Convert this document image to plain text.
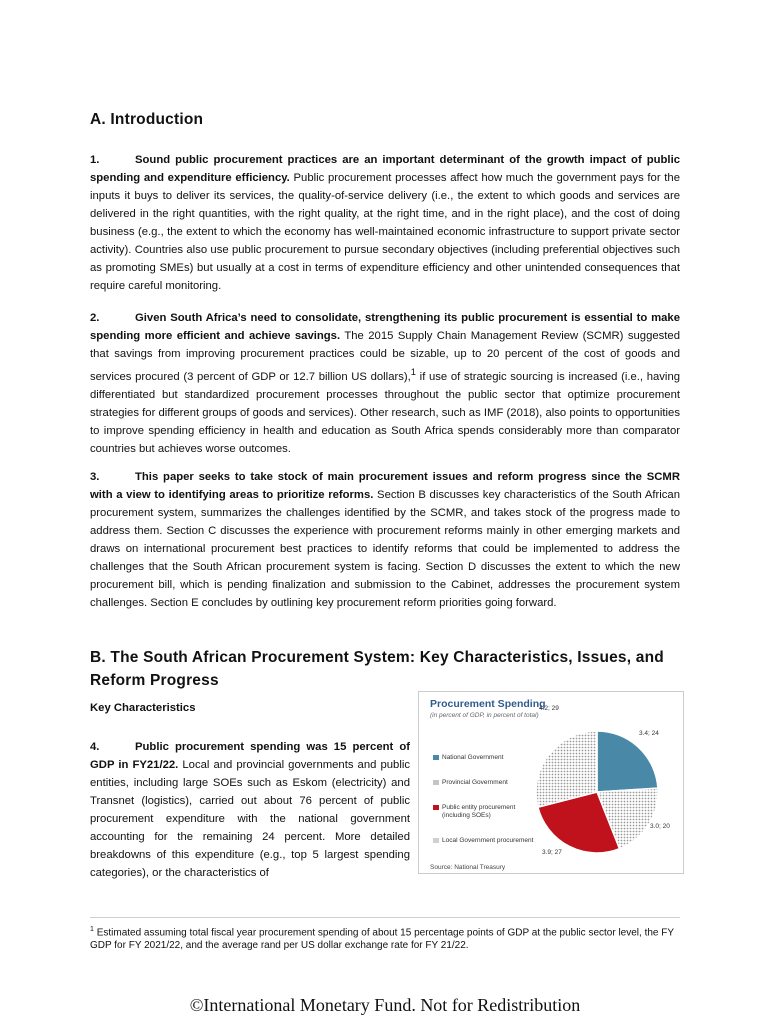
A. Introduction
1.	Sound public procurement practices are an important determinant of the growth impact of public spending and expenditure efficiency. Public procurement processes affect how much the government pays for the inputs it buys to deliver its services, the quality-of-service delivery (i.e., the extent to which goods and services are delivered in the right quantities, with the right quality, at the right time, and in the right place), and the cost of doing business (e.g., the extent to which the economy has well-maintained economic infrastructure to support private sector activity). Countries also use public procurement to pursue secondary objectives (including preferential objectives such as promoting SMEs) but usually at a cost in terms of expenditure efficiency and other unintended consequences that require careful monitoring.
2.	Given South Africa’s need to consolidate, strengthening its public procurement is essential to make spending more efficient and achieve savings. The 2015 Supply Chain Management Review (SCMR) suggested that savings from improving procurement practices could be sizable, up to 20 percent of the cost of goods and services procured (3 percent of GDP or 12.7 billion US dollars),$^1$ if use of strategic sourcing is increased (i.e., having differentiated but standardized procurement processes throughout the public sector that optimize procurement strategies for different groups of goods and services). Other research, such as IMF (2018), also points to opportunities to improve spending efficiency in health and education as South Africa spends considerably more than comparator countries but achieves worse outcomes.
3.	This paper seeks to take stock of main procurement issues and reform progress since the SCMR with a view to identifying areas to prioritize reforms. Section B discusses key characteristics of the South African procurement system, summarizes the challenges identified by the SCMR, and takes stock of the progress made to address them. Section C discusses the experience with procurement reforms mainly in other emerging markets and draws on international procurement best practices to identify reforms that could be implemented to address the challenges that the South African procurement system is facing. Section D discusses the extent to which the new procurement bill, which is pending finalization and submission to the Cabinet, addresses the procurement system challenges. Section E concludes by outlining key procurement reform priorities going forward.
B. The South African Procurement System: Key Characteristics, Issues, and Reform Progress
Key Characteristics
4.	Public procurement spending was 15 percent of GDP in FY21/22. Local and provincial governments and public entities, including large SOEs such as Eskom (electricity) and Transnet (logistics), carried out about 76 percent of public procurement expenditure with the national government accounting for the remaining 24 percent. More detailed breakdowns of this expenditure (e.g., top 5 largest spending categories), or the characteristics of
Procurement Spending
(in percent of GDP, in percent of total)
National Government
Provincial Government
Public entity procurement (including SOEs)
Local Government procurement
3.4; 24
3.0; 20
3.9; 27
4.2; 29
Source: National Treasury
$^1$ Estimated assuming total fiscal year procurement spending of about 15 percentage points of GDP at the public sector level, the FY GDP for FY 2021/22, and the average rand per US dollar exchange rate for FY 21/22.
©International Monetary Fund. Not for Redistribution
